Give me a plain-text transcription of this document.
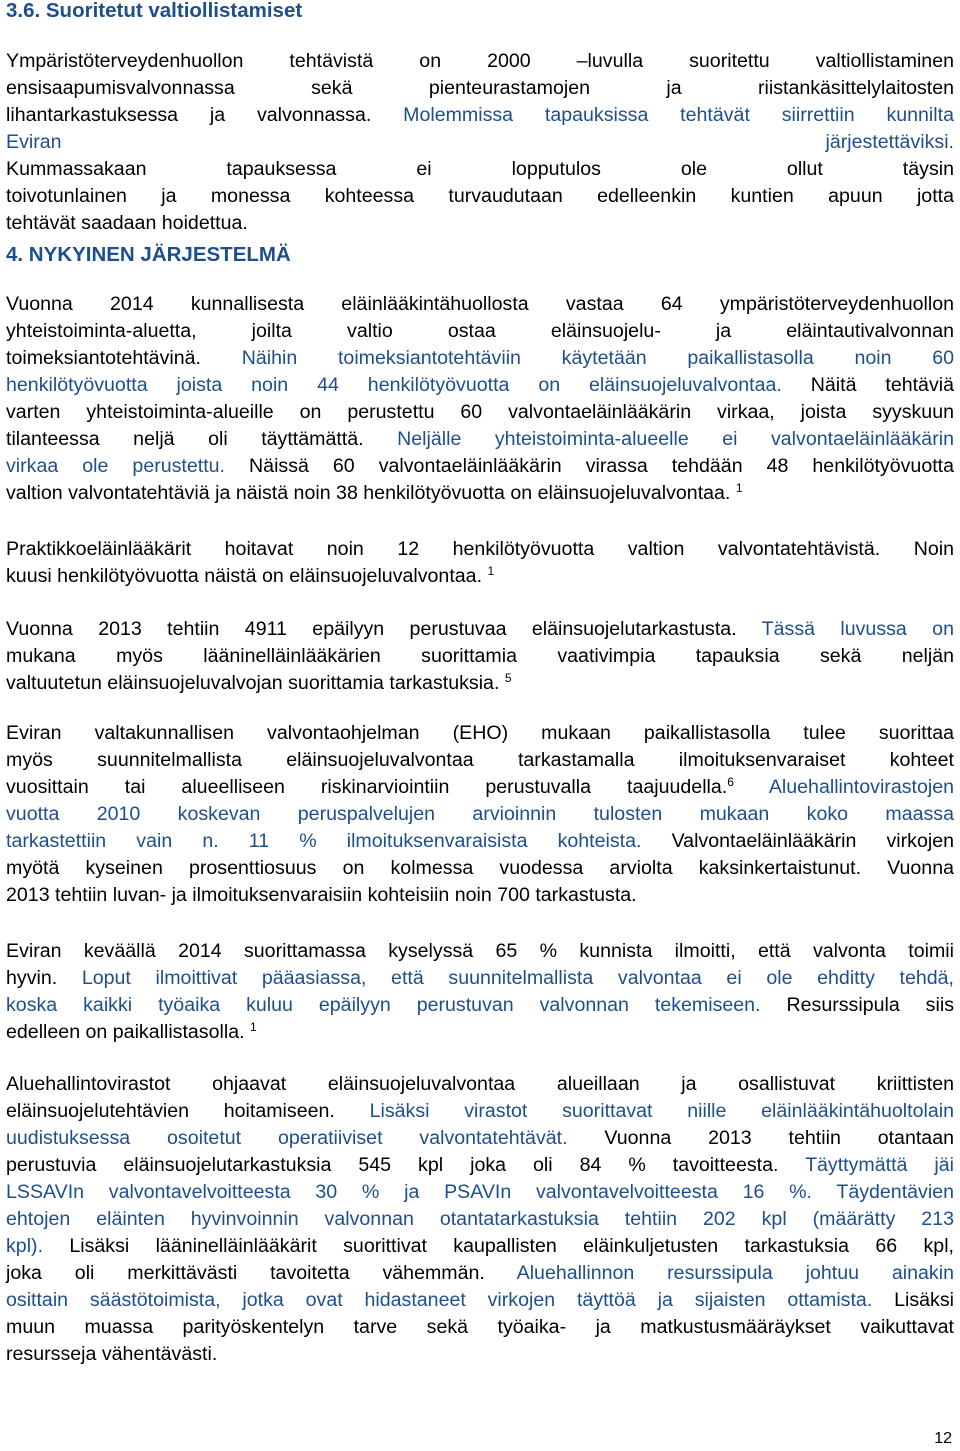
3.6. Suoritetut valtiollistamiset

Ympäristöterveydenhuollon tehtävistä on 2000 –luvulla suoritettu valtiollistaminen
ensisaapumisvalvonnassa sekä pienteurastamojen ja riistankäsittelylaitosten
lihantarkastuksessa ja valvonnassa. Molemmissa tapauksissa tehtävät siirrettiin kunnilta
Eviran järjestettäviksi.
Kummassakaan tapauksessa ei lopputulos ole ollut täysin
toivotunlainen ja monessa kohteessa turvaudutaan edelleenkin kuntien apuun jotta
tehtävät saadaan hoidettua.

4. NYKYINEN JÄRJESTELMÄ

Vuonna 2014 kunnallisesta eläinlääkintähuollosta vastaa 64 ympäristöterveydenhuollon
yhteistoiminta-aluetta, joilta valtio ostaa eläinsuojelu- ja eläintautivalvonnan
toimeksiantotehtävinä. Näihin toimeksiantotehtäviin käytetään paikallistasolla noin 60
henkilötyövuotta joista noin 44 henkilötyövuotta on eläinsuojeluvalvontaa. Näitä tehtäviä
varten yhteistoiminta-alueille on perustettu 60 valvontaeläinlääkärin virkaa, joista syyskuun
tilanteessa neljä oli täyttämättä. Neljälle yhteistoiminta-alueelle ei valvontaeläinlääkärin
virkaa ole perustettu. Näissä 60 valvontaeläinlääkärin virassa tehdään 48 henkilötyövuotta
valtion valvontatehtäviä ja näistä noin 38 henkilötyövuotta on eläinsuojeluvalvontaa. $^1$

Praktikkoeläinlääkärit hoitavat noin 12 henkilötyövuotta valtion valvontatehtävistä. Noin
kuusi henkilötyövuotta näistä on eläinsuojeluvalvontaa. $^1$

Vuonna 2013 tehtiin 4911 epäilyyn perustuvaa eläinsuojelutarkastusta. Tässä luvussa on
mukana myös lääninelläinlääkärien suorittamia vaativimpia tapauksia sekä neljän
valtuutetun eläinsuojeluvalvojan suorittamia tarkastuksia. $^5$

Eviran valtakunnallisen valvontaohjelman (EHO) mukaan paikallistasolla tulee suorittaa
myös suunnitelmallista eläinsuojeluvalvontaa tarkastamalla ilmoituksenvaraiset kohteet
vuosittain tai alueelliseen riskinarviointiin perustuvalla taajuudella.$^6$ Aluehallintovirastojen
vuotta 2010 koskevan peruspalvelujen arvioinnin tulosten mukaan koko maassa
tarkastettiin vain n. 11 % ilmoituksenvaraisista kohteista. Valvontaeläinlääkärin virkojen
myötä kyseinen prosenttiosuus on kolmessa vuodessa arviolta kaksinkertaistunut. Vuonna
2013 tehtiin luvan- ja ilmoituksenvaraisiin kohteisiin noin 700 tarkastusta.

Eviran keväällä 2014 suorittamassa kyselyssä 65 % kunnista ilmoitti, että valvonta toimii
hyvin. Loput ilmoittivat pääasiassa, että suunnitelmallista valvontaa ei ole ehditty tehdä,
koska kaikki työaika kuluu epäilyyn perustuvan valvonnan tekemiseen. Resurssipula siis
edelleen on paikallistasolla. $^1$

Aluehallintovirastot ohjaavat eläinsuojeluvalvontaa alueillaan ja osallistuvat kriittisten
eläinsuojelutehtävien hoitamiseen. Lisäksi virastot suorittavat niille eläinlääkintähuoltolain
uudistuksessa osoitetut operatiiviset valvontatehtävät. Vuonna 2013 tehtiin otantaan
perustuvia eläinsuojelutarkastuksia 545 kpl joka oli 84 % tavoitteesta. Täyttymättä jäi
LSSAVIn valvontavelvoitteesta 30 % ja PSAVIn valvontavelvoitteesta 16 %. Täydentävien
ehtojen eläinten hyvinvoinnin valvonnan otantatarkastuksia tehtiin 202 kpl (määrätty 213
kpl). Lisäksi lääninelläinlääkärit suorittivat kaupallisten eläinkuljetusten tarkastuksia 66 kpl,
joka oli merkittävästi tavoitetta vähemmän. Aluehallinnon resurssipula johtuu ainakin
osittain säästötoimista, jotka ovat hidastaneet virkojen täyttöä ja sijaisten ottamista. Lisäksi
muun muassa parityöskentelyn tarve sekä työaika- ja matkustusmääräykset vaikuttavat
resursseja vähentävästi.

12
